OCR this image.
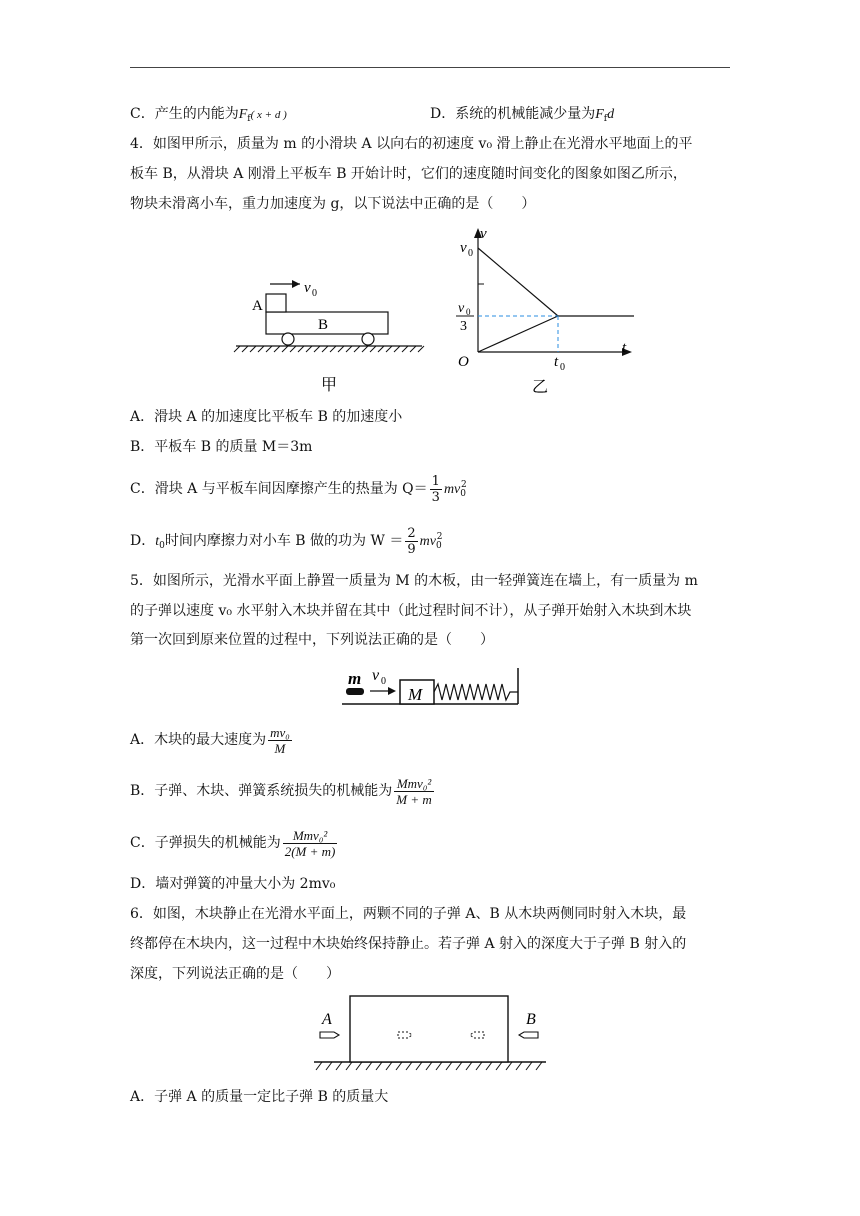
C．产生的内能为$F_f$( x + d )	D．系统的机械能减少量为$F_fd$
4．如图甲所示，质量为 m 的小滑块 A 以向右的初速度 v₀ 滑上静止在光滑水平地面上的平
板车 B，从滑块 A 刚滑上平板车 B 开始计时，它们的速度随时间变化的图象如图乙所示，
物块未滑离小车，重力加速度为 g，以下说法中正确的是（　　）
A
B
v 0
甲
v 0
v 0
3
v
t
O	t 0
乙
A．滑块 A 的加速度比平板车 B 的加速度小
B．平板车 B 的质量 M＝3m
C．滑块 A 与平板车间因摩擦产生的热量为 $Q= \frac{1}{3} mv_0^2$
D．$t_0$时间内摩擦力对小车 B 做的功为 $W = \frac{2}{9} mv_0^2$
5．如图所示，光滑水平面上静置一质量为 M 的木板，由一轻弹簧连在墙上，有一质量为 m
的子弹以速度 v₀ 水平射入木块并留在其中（此过程时间不计），从子弹开始射入木块到木块
第一次回到原来位置的过程中，下列说法正确的是（　　）
m v 0
M
A．木块的最大速度为 $\frac{\text{mv₀}}{M}$
B．子弹、木块、弹簧系统损失的机械能为 $\frac{\text{Mmv₀²}}{M + m}$
C．子弹损失的机械能为 $\frac{\text{Mmv₀²}}{2(M + m)}$
D．墙对弹簧的冲量大小为 2mv₀
6．如图，木块静止在光滑水平面上，两颗不同的子弹 A、B 从木块两侧同时射入木块，最
终都停在木块内，这一过程中木块始终保持静止。若子弹 A 射入的深度大于子弹 B 射入的
深度，下列说法正确的是（　　）
A	B
A．子弹 A 的质量一定比子弹 B 的质量大
